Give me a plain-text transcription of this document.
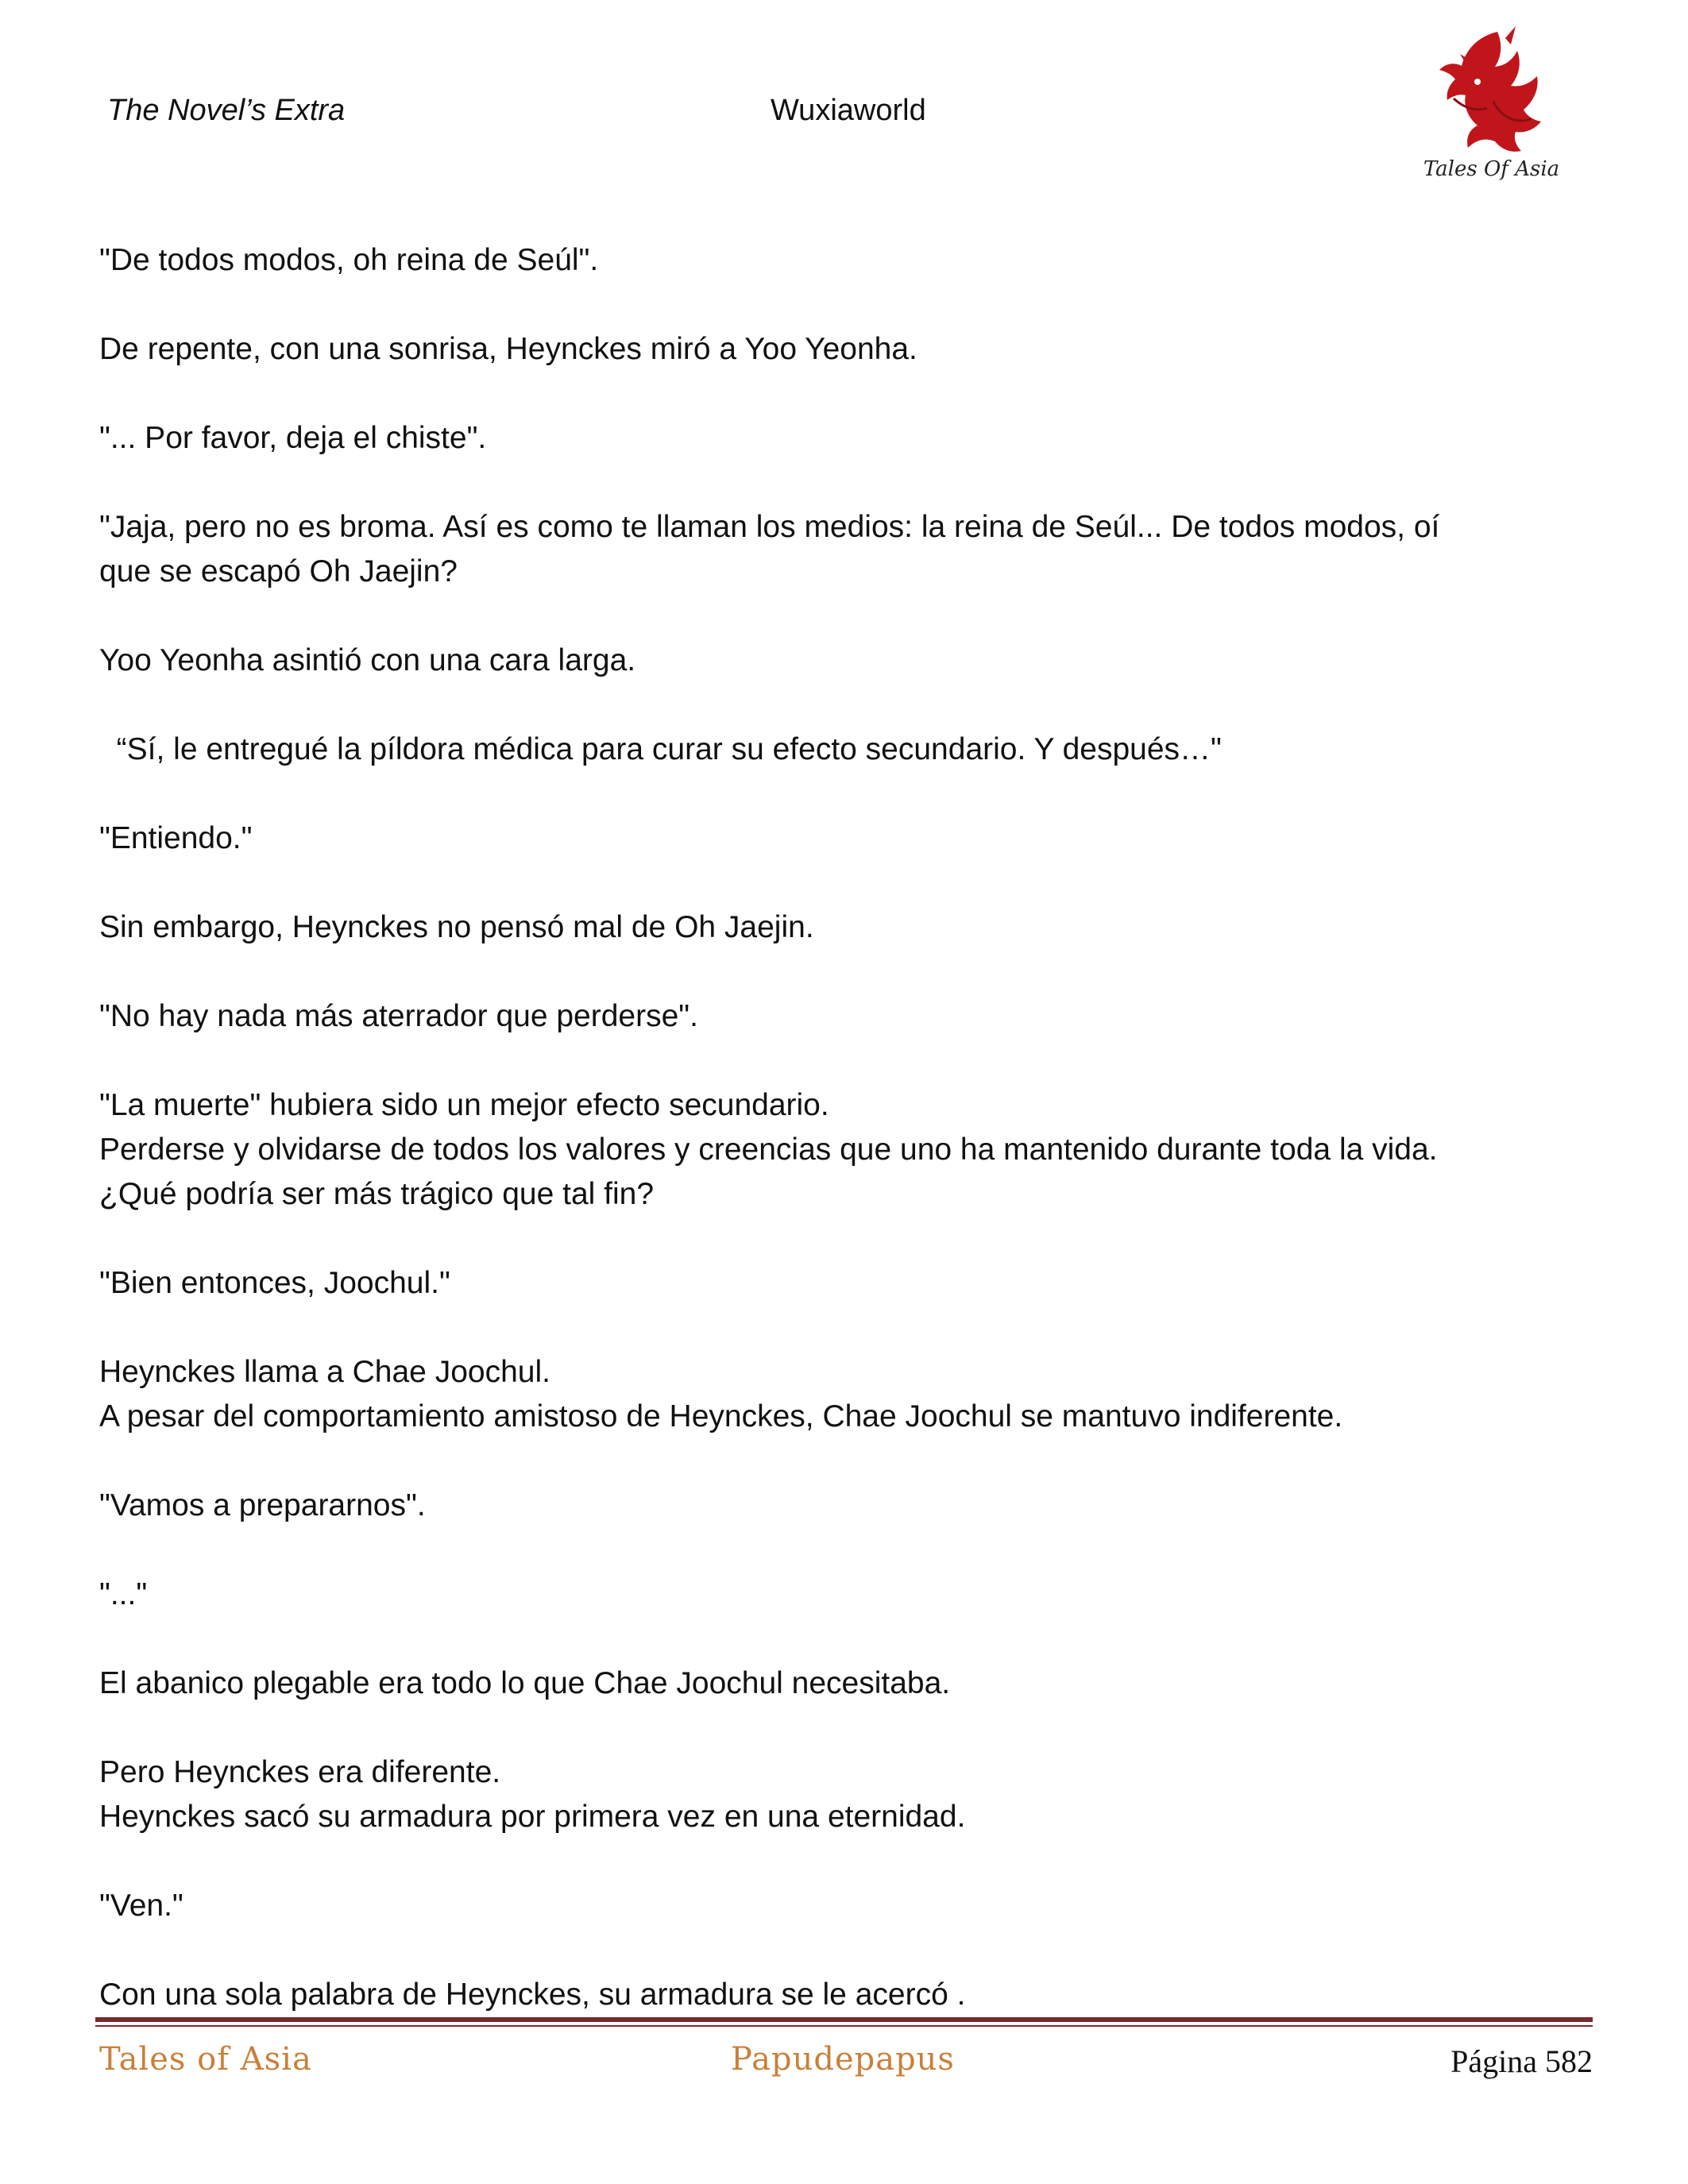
The Novel’s Extra	Wuxiaworld
Tales Of Asia
"De todos modos, oh reina de Seúl".
De repente, con una sonrisa, Heynckes miró a Yoo Yeonha.
"... Por favor, deja el chiste".
"Jaja, pero no es broma. Así es como te llaman los medios: la reina de Seúl... De todos modos, oí
que se escapó Oh Jaejin?
Yoo Yeonha asintió con una cara larga.
“Sí, le entregué la píldora médica para curar su efecto secundario. Y después…"
"Entiendo."
Sin embargo, Heynckes no pensó mal de Oh Jaejin.
"No hay nada más aterrador que perderse".
"La muerte" hubiera sido un mejor efecto secundario.
Perderse y olvidarse de todos los valores y creencias que uno ha mantenido durante toda la vida.
¿Qué podría ser más trágico que tal fin?
"Bien entonces, Joochul."
Heynckes llama a Chae Joochul.
A pesar del comportamiento amistoso de Heynckes, Chae Joochul se mantuvo indiferente.
"Vamos a prepararnos".
"..."
El abanico plegable era todo lo que Chae Joochul necesitaba.
Pero Heynckes era diferente.
Heynckes sacó su armadura por primera vez en una eternidad.
"Ven."
Con una sola palabra de Heynckes, su armadura se le acercó .
Tales of Asia	Papudepapus	Página 582
